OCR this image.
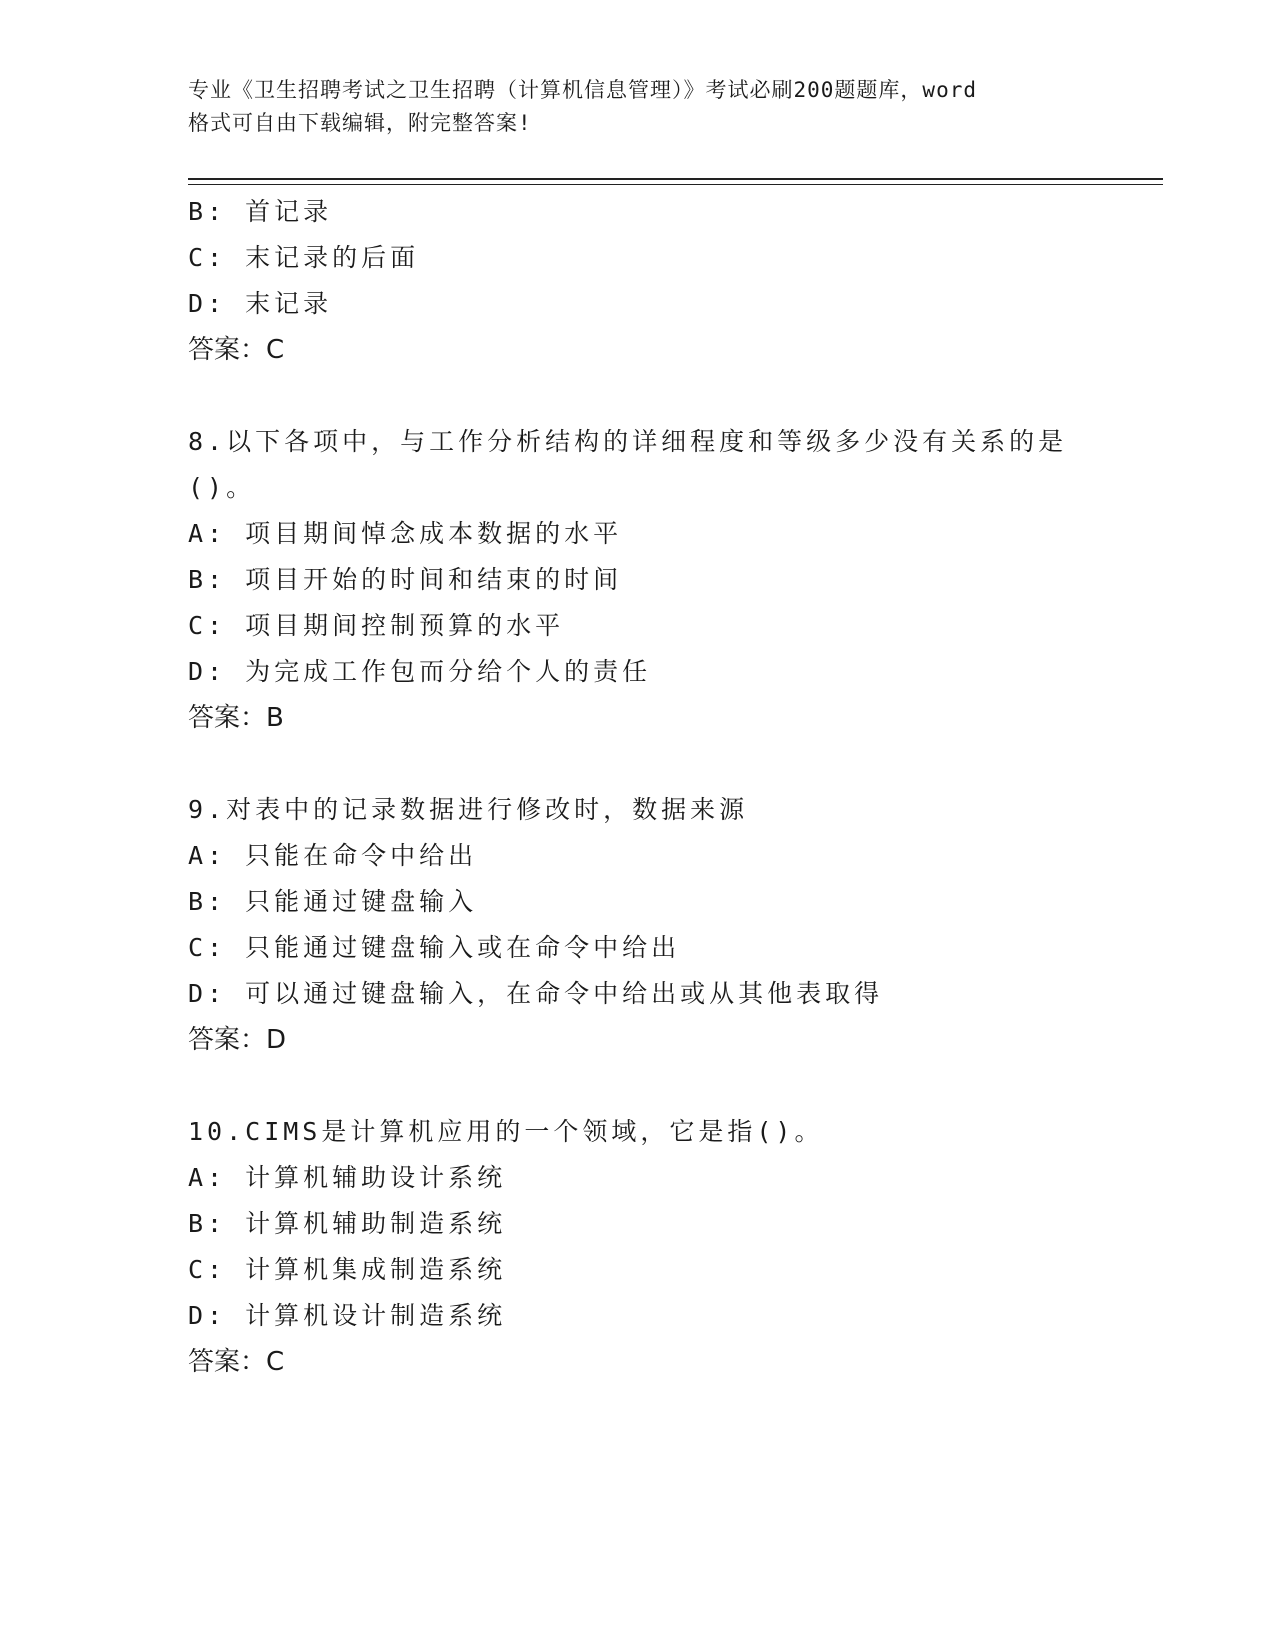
专业《卫生招聘考试之卫生招聘（计算机信息管理）》考试必刷200题题库，word
格式可自由下载编辑，附完整答案!
B: 首记录
C: 末记录的后面
D: 末记录
答案：C
8.以下各项中，与工作分析结构的详细程度和等级多少没有关系的是
()。
A: 项目期间悼念成本数据的水平
B: 项目开始的时间和结束的时间
C: 项目期间控制预算的水平
D: 为完成工作包而分给个人的责任
答案：B
9.对表中的记录数据进行修改时，数据来源
A: 只能在命令中给出
B: 只能通过键盘输入
C: 只能通过键盘输入或在命令中给出
D: 可以通过键盘输入，在命令中给出或从其他表取得
答案：D
10.CIMS是计算机应用的一个领域，它是指()。
A: 计算机辅助设计系统
B: 计算机辅助制造系统
C: 计算机集成制造系统
D: 计算机设计制造系统
答案：C
